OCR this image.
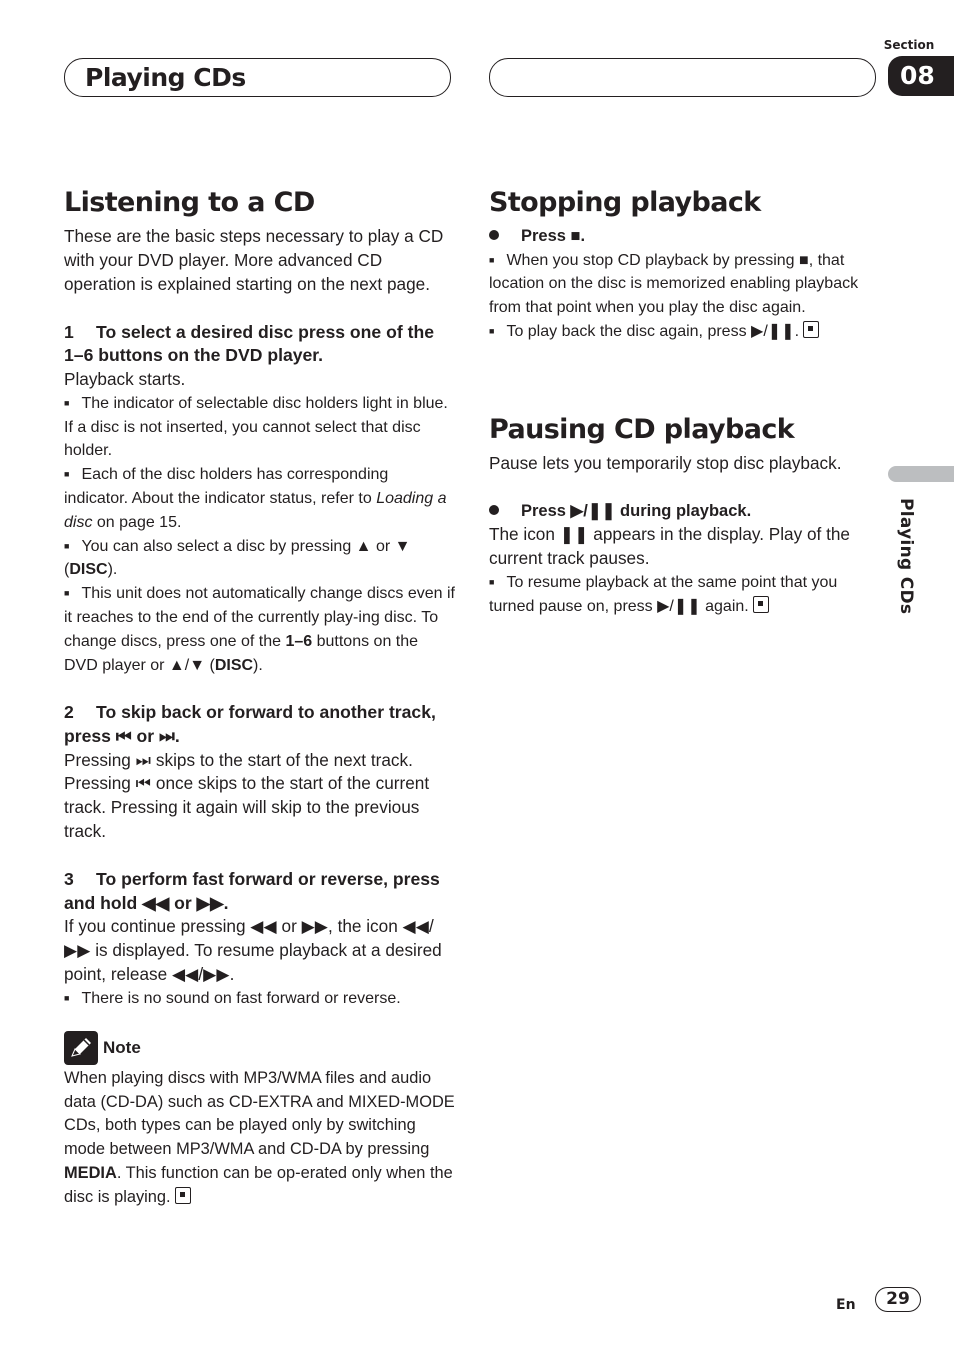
Playing CDs
Section
08
Playing CDs
Listening to a CD

These are the basic steps necessary to play a CD with your DVD player. More advanced CD operation is explained starting on the next page.

1 To select a desired disc press one of the 1–6 buttons on the DVD player.

Playback starts.

■ The indicator of selectable disc holders light in blue. If a disc is not inserted, you cannot select that disc holder.

■ Each of the disc holders has corresponding indicator. About the indicator status, refer to Loading a disc on page 15.

■ You can also select a disc by pressing ▲ or ▼ (DISC).

■ This unit does not automatically change discs even if it reaches to the end of the currently play-ing disc. To change discs, press one of the 1–6 buttons on the DVD player or ▲/▼ (DISC).

2 To skip back or forward to another track, press ⏮ or ⏭.

Pressing ⏭ skips to the start of the next track. Pressing ⏮ once skips to the start of the current track. Pressing it again will skip to the previous track.

3 To perform fast forward or reverse, press and hold ◀◀ or ▶▶.

If you continue pressing ◀◀ or ▶▶, the icon ◀◀/▶▶ is displayed. To resume playback at a desired point, release ◀◀/▶▶.

■ There is no sound on fast forward or reverse.

Note

When playing discs with MP3/WMA files and audio data (CD-DA) such as CD-EXTRA and MIXED-MODE CDs, both types can be played only by switching mode between MP3/WMA and CD-DA by pressing MEDIA. This function can be op-erated only when the disc is playing.

Stopping playback

Press ■.

■ When you stop CD playback by pressing ■, that location on the disc is memorized enabling playback from that point when you play the disc again.

■ To play back the disc again, press ▶/❚❚.

Pausing CD playback

Pause lets you temporarily stop disc playback.

Press ▶/❚❚ during playback.

The icon ❚❚ appears in the display. Play of the current track pauses.

■ To resume playback at the same point that you turned pause on, press ▶/❚❚ again.

En	29
